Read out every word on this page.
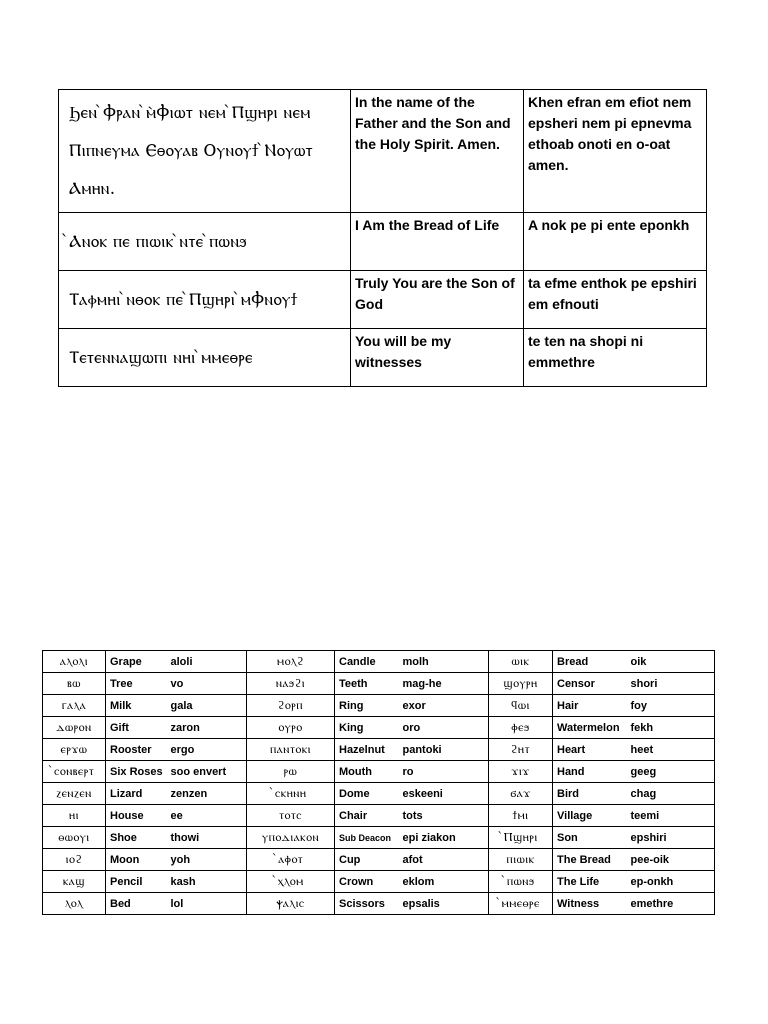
Ϧⲉⲛ ̀Ⲫⲣⲁⲛ ̀ⲙ̀Ⲫⲓⲱⲧ ⲛⲉⲙ ̀Ⲡϣⲏⲣⲓ ⲛⲉⲙ Ⲡⲓⲡⲛⲉⲩⲙⲁ Ⲉⲑⲟⲩⲁⲃ Ⲟⲩⲛⲟⲩϯ ̀Ⲛⲟⲩⲱⲧ Ⲁⲙⲏⲛ.	In the name of the Father and the Son and the Holy Spirit. Amen.	Khen efran em efiot nem epsheri nem pi epnevma ethoab onoti en o-oat amen.
̀Ⲁⲛⲟⲕ ⲡⲉ ⲡⲓⲱⲓⲕ ̀ⲛⲧⲉ ̀ⲡⲱⲛϧ	I Am the Bread of Life	A nok pe pi ente eponkh
Ⲧⲁⲫⲙⲏⲓ ̀ⲛⲑⲟⲕ ⲡⲉ ̀Ⲡϣⲏⲣⲓ ̀ⲙⲪⲛⲟⲩϯ	Truly You are the Son of God	ta efme enthok pe epshiri em efnouti
Ⲧⲉⲧⲉⲛⲛⲁϣⲱⲡⲓ ⲛⲏⲓ ̀ⲙⲙⲉⲑⲣⲉ	You will be my witnesses	te ten na shopi ni emmethre
ⲁⲗⲟⲗⲓ	Grape	aloli	ⲙⲟⲗϩ	Candle	molh	ⲱⲓⲕ	Bread	oik
ⲃⲱ	Tree	vo	ⲛⲁϧϩⲓ	Teeth	mag-he	ϣⲟⲩⲣⲏ	Censor	shori
ⲅⲁⲗⲁ	Milk	gala	ϩⲟⲣⲡ	Ring	exor	ϥⲱⲓ	Hair	foy
ⲇⲱⲣⲟⲛ	Gift	zaron	ⲟⲩⲣⲟ	King	oro	ⲫⲉϧ	Watermelon	fekh
ⲉⲣϫⲱ	Rooster	ergo	ⲡⲁⲛⲧⲟⲕⲓ	Hazelnut	pantoki	ϩⲏⲧ	Heart	heet
̀ⲥⲟⲛⲃⲉⲣⲧ	Six Roses	soo envert	ⲣⲱ	Mouth	ro	ϫⲓϫ	Hand	geeg
ⲍⲉⲛⲍⲉⲛ	Lizard	zenzen	̀ⲥⲕⲏⲛⲏ	Dome	eskeeni	ϭⲁϫ	Bird	chag
ⲏⲓ	House	ee	ⲧⲟⲧⲥ	Chair	tots	ϯⲙⲓ	Village	teemi
ⲑⲱⲟⲩⲓ	Shoe	thowi	ⲩⲡⲟⲇⲓⲁⲕⲟⲛ	Sub Deacon	epi ziakon	̀Ⲡϣⲏⲣⲓ	Son	epshiri
ⲓⲟϩ	Moon	yoh	̀ⲁⲫⲟⲧ	Cup	afot	ⲡⲓⲱⲓⲕ	The Bread	pee-oik
ⲕⲁϣ	Pencil	kash	̀ⲭⲗⲟⲙ	Crown	eklom	̀ⲡⲱⲛϧ	The Life	ep-onkh
ⲗⲟⲗ	Bed	lol	ⲯⲁⲗⲓⲥ	Scissors	epsalis	̀ⲙⲙⲉⲑⲣⲉ	Witness	emethre
